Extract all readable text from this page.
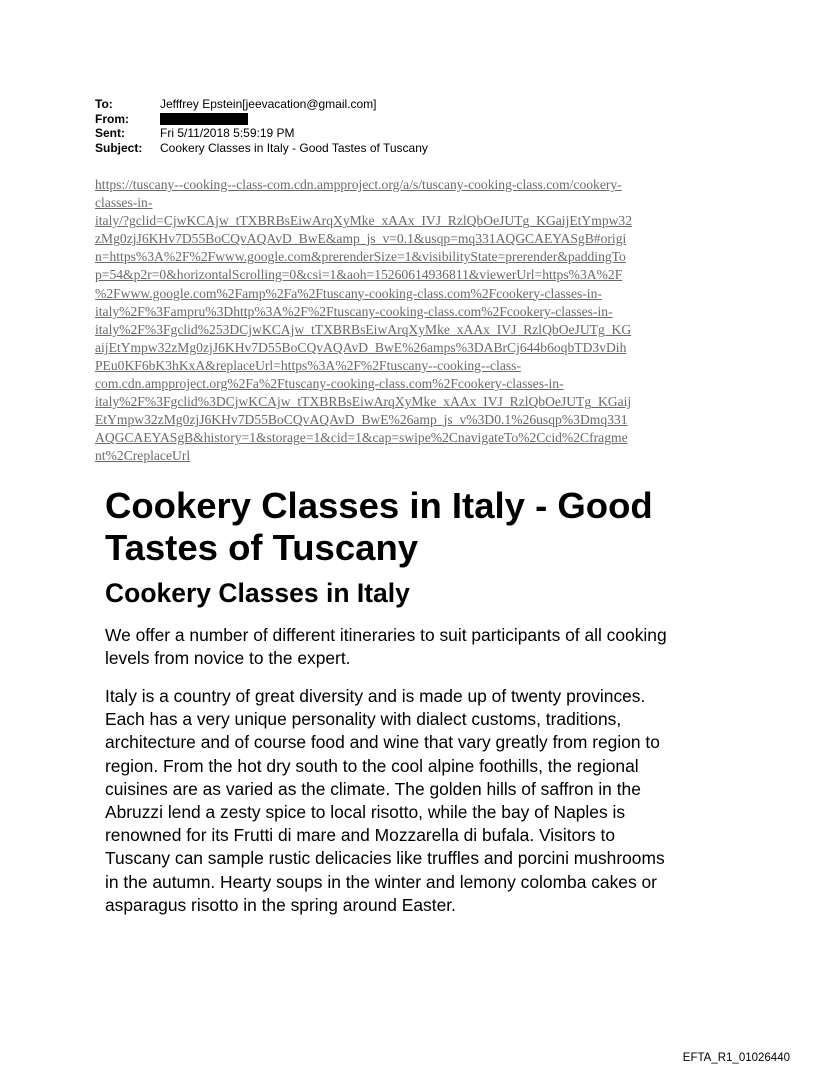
To:	Jefffrey Epstein[jeevacation@gmail.com]
From:
Sent:	Fri 5/11/2018 5:59:19 PM
Subject:	Cookery Classes in Italy - Good Tastes of Tuscany
https://tuscany--cooking--class-com.cdn.ampproject.org/a/s/tuscany-cooking-class.com/cookery-
classes-in-
italy/?gclid=CjwKCAjw_tTXBRBsEiwArqXyMke_xAAx_IVJ_RzlQbOeJUTg_KGaijEtYmpw32
zMg0zjJ6KHv7D55BoCQvAQAvD_BwE&amp_js_v=0.1&usqp=mq331AQGCAEYASgB#origi
n=https%3A%2F%2Fwww.google.com&prerenderSize=1&visibilityState=prerender&paddingTo
p=54&p2r=0&horizontalScrolling=0&csi=1&aoh=15260614936811&viewerUrl=https%3A%2F
%2Fwww.google.com%2Famp%2Fa%2Ftuscany-cooking-class.com%2Fcookery-classes-in-
italy%2F%3Fampru%3Dhttp%3A%2F%2Ftuscany-cooking-class.com%2Fcookery-classes-in-
italy%2F%3Fgclid%253DCjwKCAjw_tTXBRBsEiwArqXyMke_xAAx_IVJ_RzlQbOeJUTg_KG
aijEtYmpw32zMg0zjJ6KHv7D55BoCQvAQAvD_BwE%26amps%3DABrCj644b6oqbTD3vDih
PEu0KF6bK3hKxA&replaceUrl=https%3A%2F%2Ftuscany--cooking--class-
com.cdn.ampproject.org%2Fa%2Ftuscany-cooking-class.com%2Fcookery-classes-in-
italy%2F%3Fgclid%3DCjwKCAjw_tTXBRBsEiwArqXyMke_xAAx_IVJ_RzlQbOeJUTg_KGaij
EtYmpw32zMg0zjJ6KHv7D55BoCQvAQAvD_BwE%26amp_js_v%3D0.1%26usqp%3Dmq331
AQGCAEYASgB&history=1&storage=1&cid=1&cap=swipe%2CnavigateTo%2Ccid%2Cfragme
nt%2CreplaceUrl
Cookery Classes in Italy - Good Tastes of Tuscany
Cookery Classes in Italy

We offer a number of different itineraries to suit participants of all cooking
levels from novice to the expert.

Italy is a country of great diversity and is made up of twenty provinces.
Each has a very unique personality with dialect customs, traditions,
architecture and of course food and wine that vary greatly from region to
region. From the hot dry south to the cool alpine foothills, the regional
cuisines are as varied as the climate. The golden hills of saffron in the
Abruzzi lend a zesty spice to local risotto, while the bay of Naples is
renowned for its Frutti di mare and Mozzarella di bufala. Visitors to
Tuscany can sample rustic delicacies like truffles and porcini mushrooms
in the autumn. Hearty soups in the winter and lemony colomba cakes or
asparagus risotto in the spring around Easter.

EFTA_R1_01026440
